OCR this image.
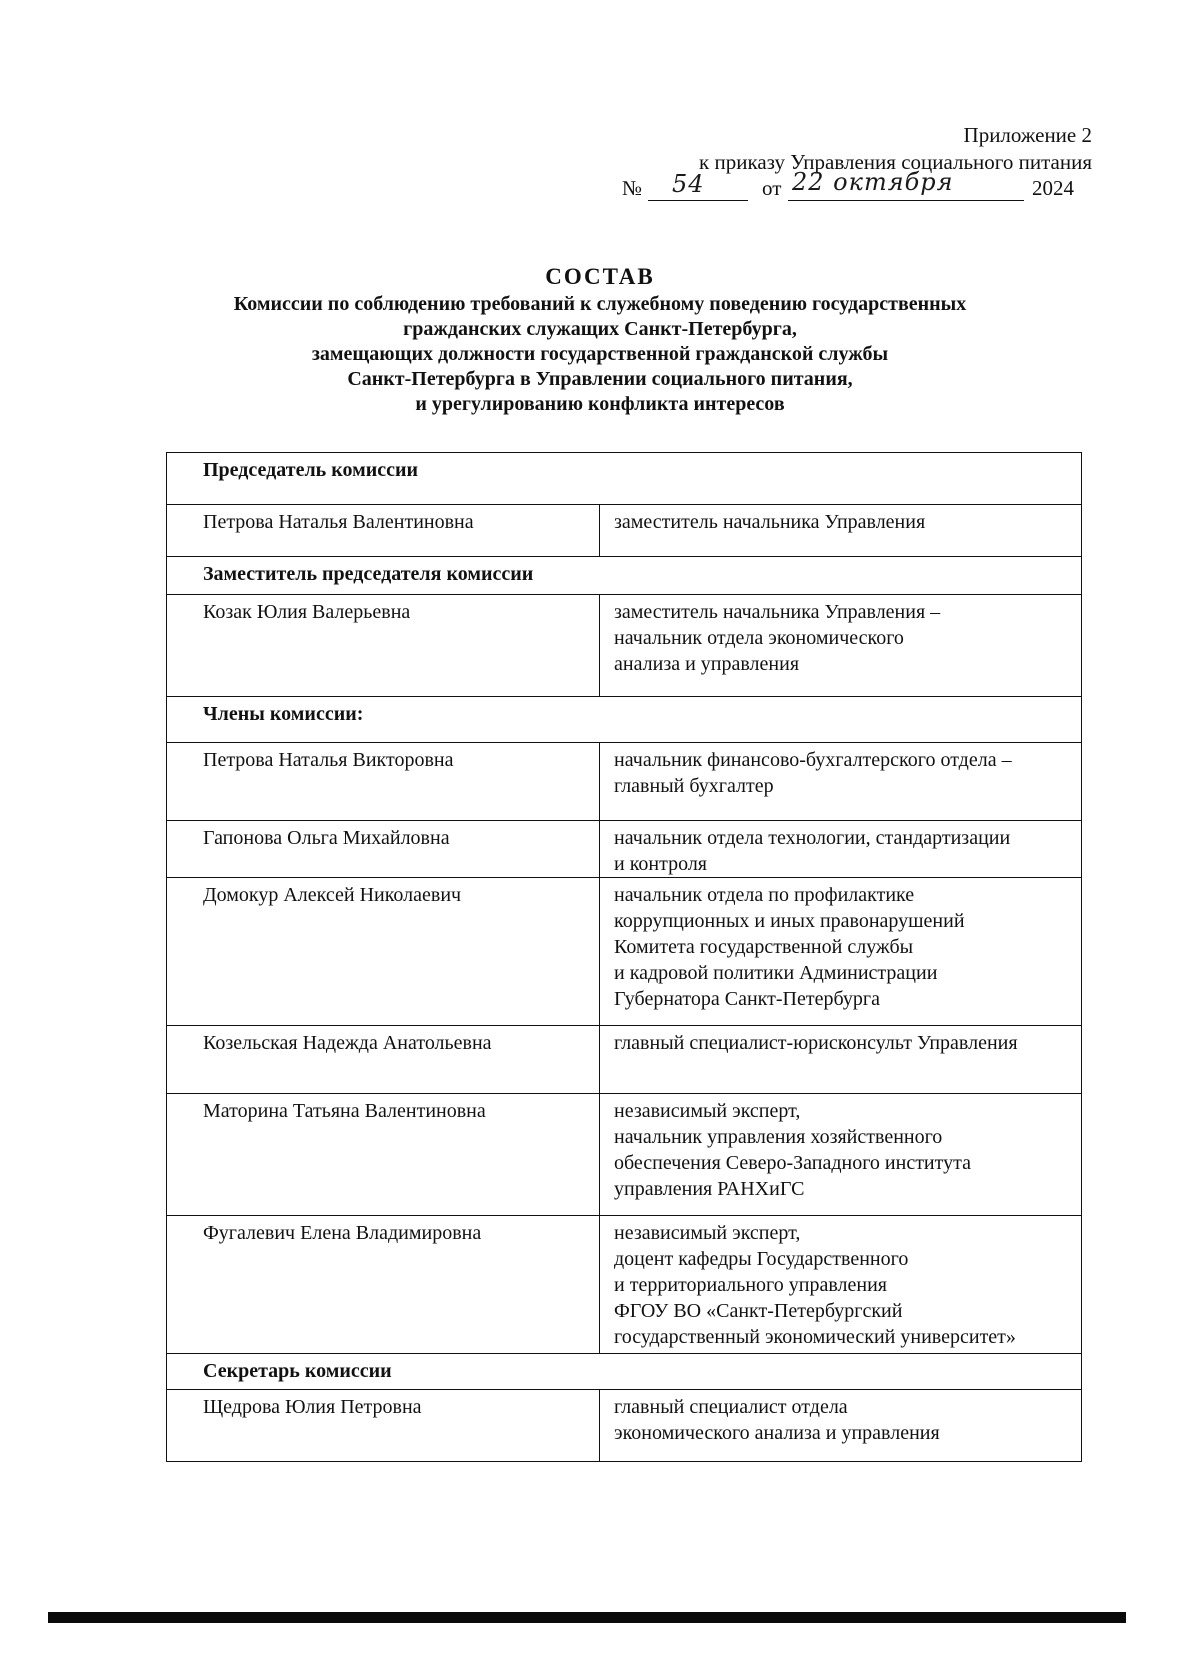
Приложение 2
к приказу Управления социального питания
№ 54	от 22 октября	2024
СОСТАВ
Комиссии по соблюдению требований к служебному поведению государственных
гражданских служащих Санкт-Петербурга,
замещающих должности государственной гражданской службы
Санкт-Петербурга в Управлении социального питания,
и урегулированию конфликта интересов
Председатель комиссии	
Петрова Наталья Валентиновна	заместитель начальника Управления

Заместитель председателя комиссии	
Козак Юлия Валерьевна	заместитель начальника Управления –
начальник отдела экономического
анализа и управления

Члены комиссии:	
Петрова Наталья Викторовна	начальник финансово-бухгалтерского отдела –
главный бухгалтер

Гапонова Ольга Михайловна	начальник отдела технологии, стандартизации
и контроля

Домокур Алексей Николаевич	начальник отдела по профилактике
коррупционных и иных правонарушений
Комитета государственной службы
и кадровой политики Администрации
Губернатора Санкт-Петербурга

Козельская Надежда Анатольевна	главный специалист-юрисконсульт Управления

Маторина Татьяна Валентиновна	независимый эксперт,
начальник управления хозяйственного
обеспечения Северо-Западного института
управления РАНХиГС

Фугалевич Елена Владимировна	независимый эксперт,
доцент кафедры Государственного
и территориального управления
ФГОУ ВО «Санкт-Петербургский
государственный экономический университет»

Секретарь комиссии	
Щедрова Юлия Петровна	главный специалист отдела
экономического анализа и управления
